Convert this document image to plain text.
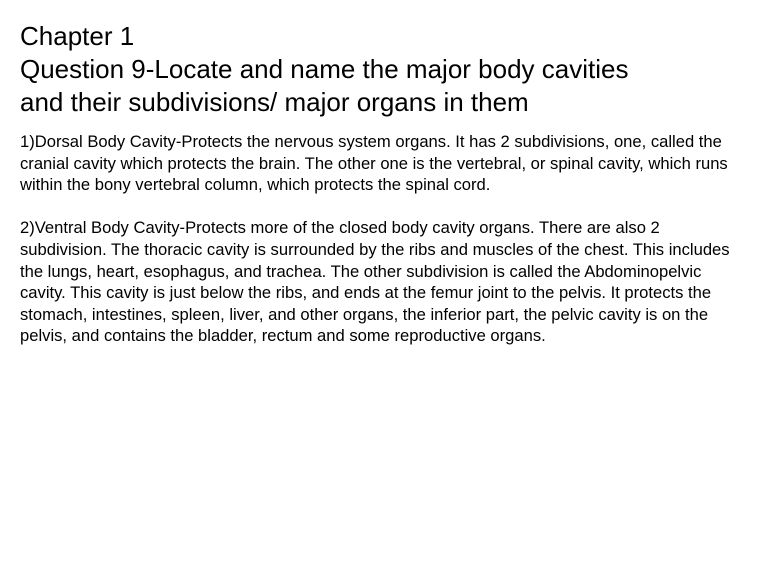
Chapter 1
Question 9-Locate and name the major body cavities
and their subdivisions/ major organs in them

1)Dorsal Body Cavity-Protects the nervous system organs. It has 2 subdivisions, one, called the cranial cavity which protects the brain. The other one is the vertebral, or spinal cavity, which runs within the bony vertebral column, which protects the spinal cord.

2)Ventral Body Cavity-Protects more of the closed body cavity organs. There are also 2 subdivision. The thoracic cavity is surrounded by the ribs and muscles of the chest. This includes the lungs, heart, esophagus, and trachea. The other subdivision is called the Abdominopelvic cavity. This cavity is just below the ribs, and ends at the femur joint to the pelvis. It protects the stomach, intestines, spleen, liver, and other organs, the inferior part, the pelvic cavity is on the pelvis, and contains the bladder, rectum and some reproductive organs.
